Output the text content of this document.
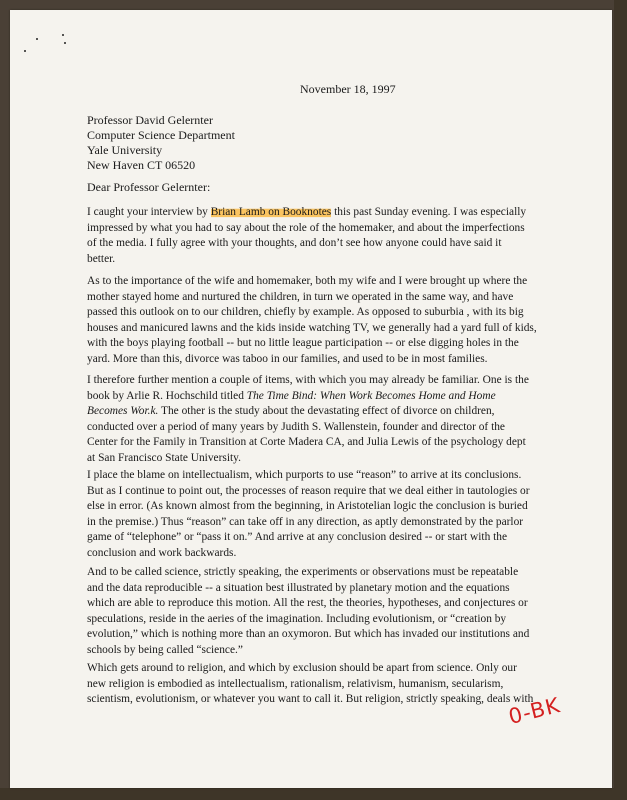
November 18, 1997
Professor David Gelernter
Computer Science Department
Yale University
New Haven CT 06520
Dear Professor Gelernter:
I caught your interview by Brian Lamb on Booknotes this past Sunday evening. I was especially
impressed by what you had to say about the role of the homemaker, and about the imperfections
of the media. I fully agree with your thoughts, and don’t see how anyone could have said it
better.
As to the importance of the wife and homemaker, both my wife and I were brought up where the
mother stayed home and nurtured the children, in turn we operated in the same way, and have
passed this outlook on to our children, chiefly by example. As opposed to suburbia , with its big
houses and manicured lawns and the kids inside watching TV, we generally had a yard full of kids,
with the boys playing football -- but no little league participation -- or else digging holes in the
yard. More than this, divorce was taboo in our families, and used to be in most families.
I therefore further mention a couple of items, with which you may already be familiar. One is the
book by Arlie R. Hochschild titled The Time Bind: When Work Becomes Home and Home
Becomes Wor.k. The other is the study about the devastating effect of divorce on children,
conducted over a period of many years by Judith S. Wallenstein, founder and director of the
Center for the Family in Transition at Corte Madera CA, and Julia Lewis of the psychology dept
at San Francisco State University.
I place the blame on intellectualism, which purports to use “reason” to arrive at its conclusions.
But as I continue to point out, the processes of reason require that we deal either in tautologies or
else in error. (As known almost from the beginning, in Aristotelian logic the conclusion is buried
in the premise.) Thus “reason” can take off in any direction, as aptly demonstrated by the parlor
game of “telephone” or “pass it on.” And arrive at any conclusion desired -- or start with the
conclusion and work backwards.
And to be called science, strictly speaking, the experiments or observations must be repeatable
and the data reproducible -- a situation best illustrated by planetary motion and the equations
which are able to reproduce this motion. All the rest, the theories, hypotheses, and conjectures or
speculations, reside in the aeries of the imagination. Including evolutionism, or “creation by
evolution,” which is nothing more than an oxymoron. But which has invaded our institutions and
schools by being called “science.”
Which gets around to religion, and which by exclusion should be apart from science. Only our
new religion is embodied as intellectualism, rationalism, relativism, humanism, secularism,
scientism, evolutionism, or whatever you want to call it. But religion, strictly speaking, deals with
0-BK
